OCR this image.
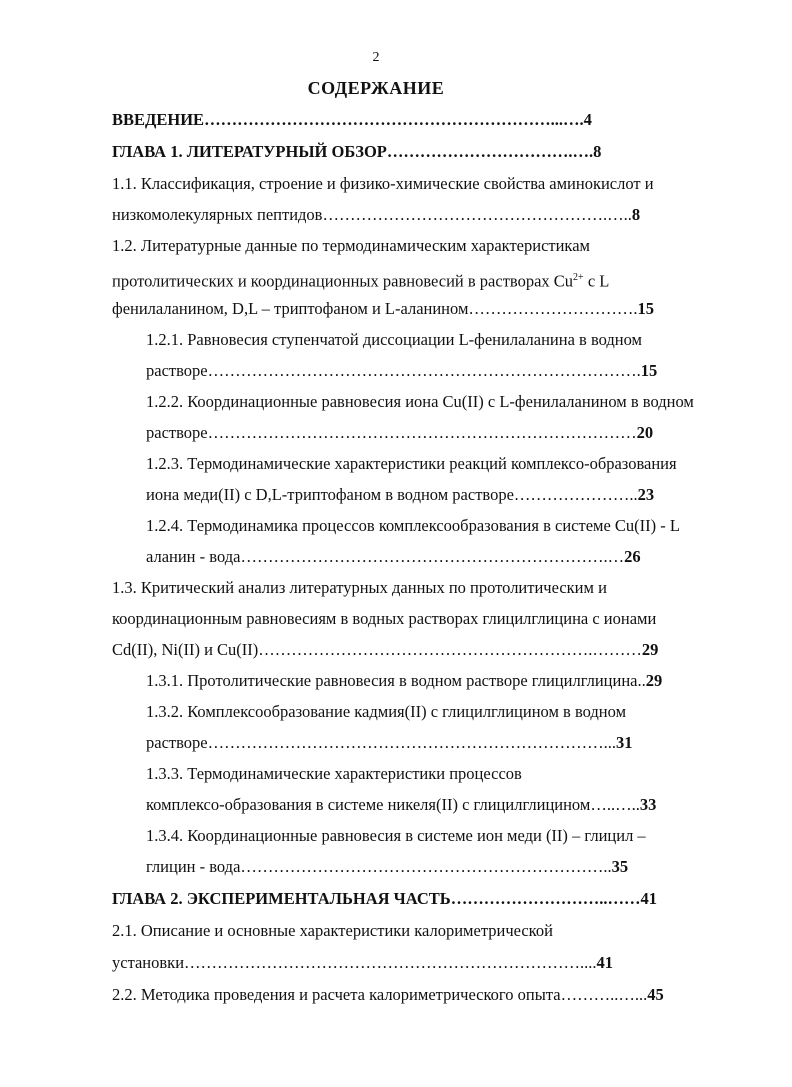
2
СОДЕРЖАНИЕ
ВВЕДЕНИЕ………………………………………………………...….4
ГЛАВА 1. ЛИТЕРАТУРНЫЙ ОБЗОР…………………………….….8
1.1. Классификация, строение и физико-химические свойства аминокислот и
низкомолекулярных пептидов…………………………………………….…..8
1.2. Литературные данные по термодинамическим характеристикам
протолитических и координационных равновесий в растворах $Cu^{2+}$ с L
фенилаланином, D,L – триптофаном и L-аланином………………………….15
1.2.1. Равновесия ступенчатой диссоциации L-фенилаланина в водном
растворе…………………………………………………………………….15
1.2.2. Координационные равновесия иона Cu(II) с L-фенилаланином в водном
растворе……………………………………………………………………20
1.2.3. Термодинамические характеристики реакций комплексо-образования
иона меди(II) с D,L-триптофаном в водном растворе…………………..23
1.2.4. Термодинамика процессов комплексообразования в системе Cu(II) - L
аланин - вода………………………………………………………….…26
1.3. Критический анализ литературных данных по протолитическим и
координационным равновесиям в водных растворах глицилглицина с ионами
Cd(II), Ni(II) и Cu(II)…………………………………………………….………29
1.3.1. Протолитические равновесия в водном растворе глицилглицина..29
1.3.2. Комплексообразование кадмия(II) с глицилглицином в водном
растворе………………………………………………………………...31
1.3.3. Термодинамические характеристики процессов
комплексо-образования в системе никеля(II) с глицилглицином…..…..33
1.3.4. Координационные равновесия в системе ион меди (II) – глицил –
глицин - вода…………………………………………………………..35
ГЛАВА 2. ЭКСПЕРИМЕНТАЛЬНАЯ ЧАСТЬ………………………..……41
2.1. Описание и основные характеристики калориметрической
установки………………………………………………………………....41
2.2. Методика проведения и расчета калориметрического опыта………..…...45
